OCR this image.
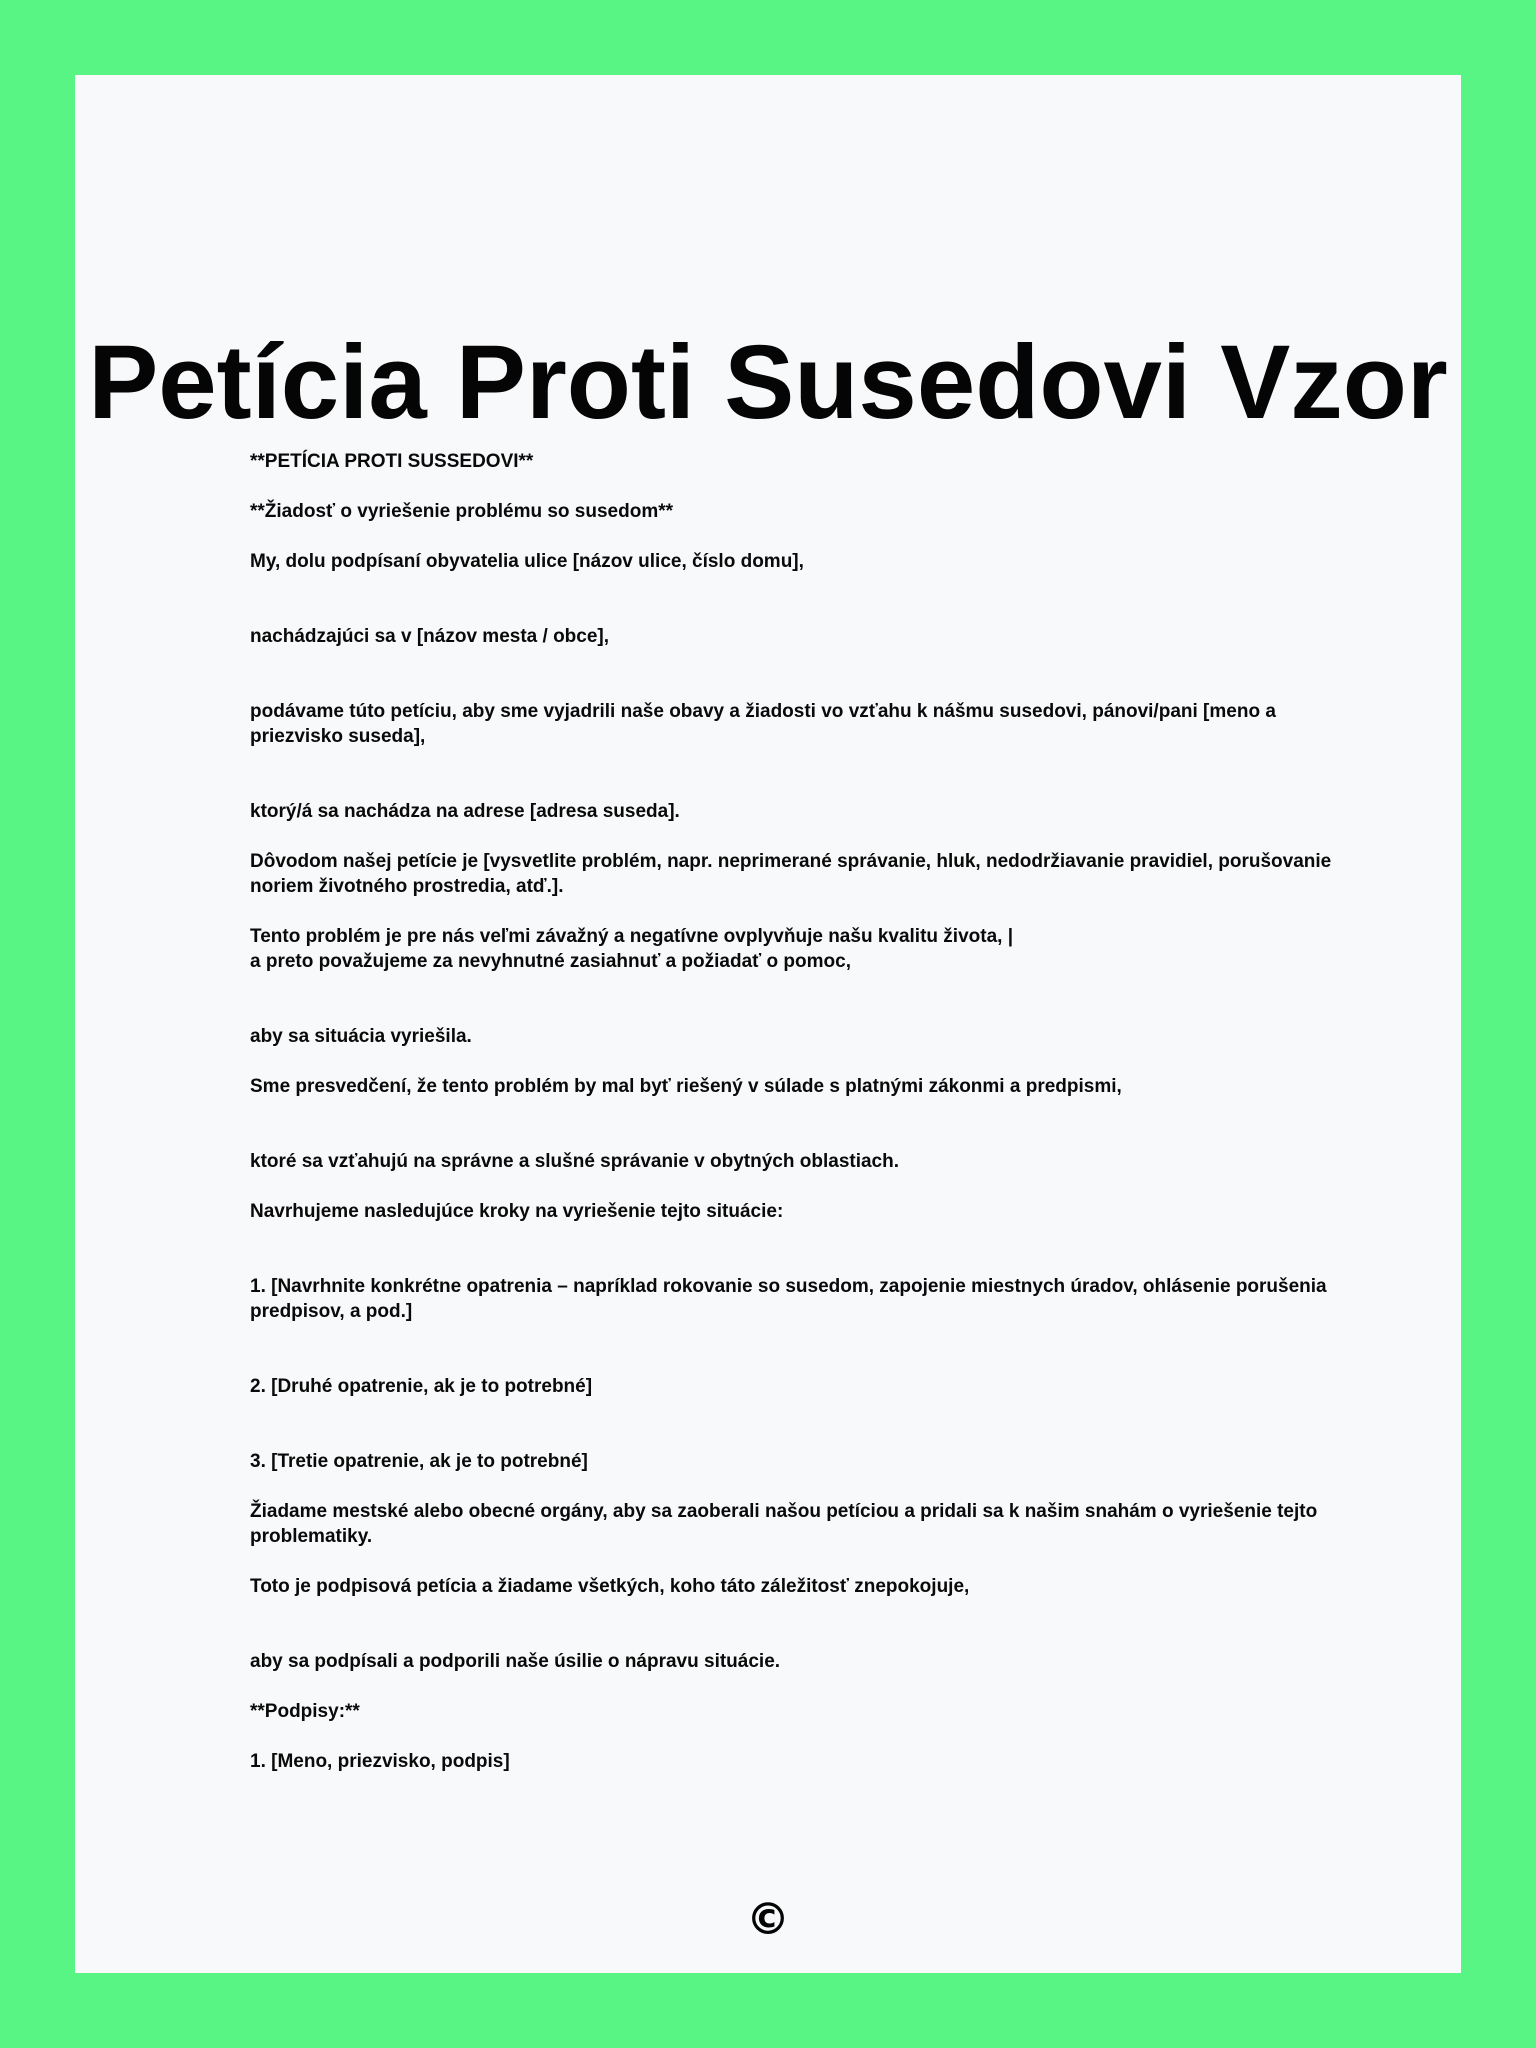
Petícia Proti Susedovi Vzor

**PETÍCIA PROTI SUSSEDOVI**

**Žiadosť o vyriešenie problému so susedom**

My, dolu podpísaní obyvatelia ulice [názov ulice, číslo domu],

nachádzajúci sa v [názov mesta / obce],

podávame túto petíciu, aby sme vyjadrili naše obavy a žiadosti vo vzťahu k nášmu susedovi, pánovi/pani [meno a priezvisko suseda],

ktorý/á sa nachádza na adrese [adresa suseda].

Dôvodom našej petície je [vysvetlite problém, napr. neprimerané správanie, hluk, nedodržiavanie pravidiel, porušovanie noriem životného prostredia, atď.].

Tento problém je pre nás veľmi závažný a negatívne ovplyvňuje našu kvalitu života, |

a preto považujeme za nevyhnutné zasiahnuť a požiadať o pomoc,

aby sa situácia vyriešila.

Sme presvedčení, že tento problém by mal byť riešený v súlade s platnými zákonmi a predpismi,

ktoré sa vzťahujú na správne a slušné správanie v obytných oblastiach.

Navrhujeme nasledujúce kroky na vyriešenie tejto situácie:

1. [Navrhnite konkrétne opatrenia – napríklad rokovanie so susedom, zapojenie miestnych úradov, ohlásenie porušenia predpisov, a pod.]

2. [Druhé opatrenie, ak je to potrebné]

3. [Tretie opatrenie, ak je to potrebné]

Žiadame mestské alebo obecné orgány, aby sa zaoberali našou petíciou a pridali sa k našim snahám o vyriešenie tejto problematiky.

Toto je podpisová petícia a žiadame všetkých, koho táto záležitosť znepokojuje,

aby sa podpísali a podporili naše úsilie o nápravu situácie.

**Podpisy:**

1. [Meno, priezvisko, podpis]

©
